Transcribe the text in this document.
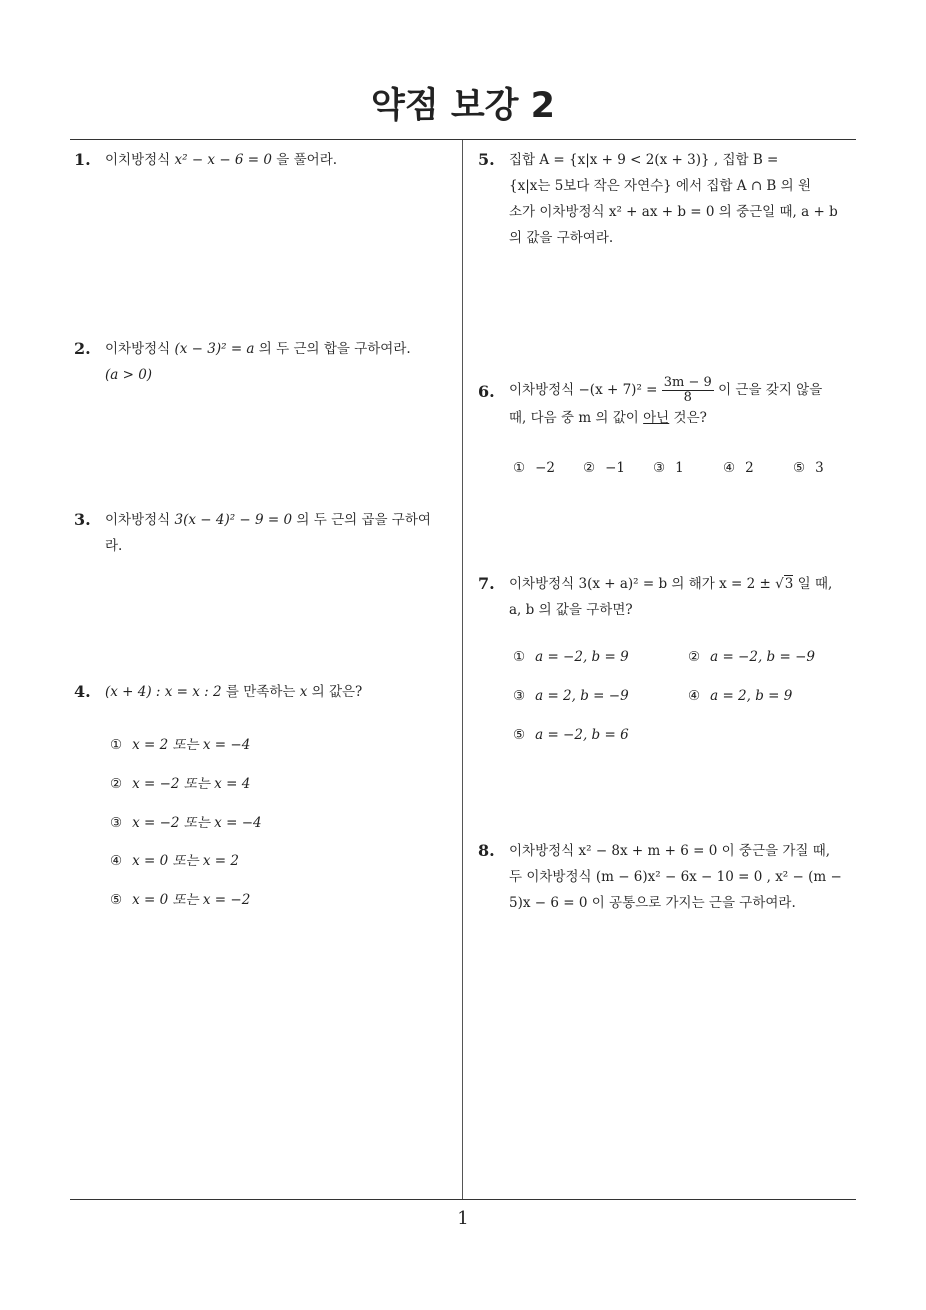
약점 보강 2
1. 이치방정식 x² − x − 6 = 0 을 풀어라.
2. 이차방정식 (x − 3)² = a 의 두 근의 합을 구하여라.
(a > 0)
3. 이차방정식 3(x − 4)² − 9 = 0 의 두 근의 곱을 구하여
라.
4. (x + 4) : x = x : 2 를 만족하는 x 의 값은?
① x = 2 또는 x = −4
② x = −2 또는 x = 4
③ x = −2 또는 x = −4
④ x = 0 또는 x = 2
⑤ x = 0 또는 x = −2
5. 집합 A = {x|x + 9 < 2(x + 3)} , 집합 B =
{x|x는 5보다 작은 자연수} 에서 집합 A ∩ B 의 원
소가 이차방정식 x² + ax + b = 0 의 중근일 때, a + b
의 값을 구하여라.
6. 이차방정식 $-(x + 7)^2 = \frac{3m - 9}{8}$ 이 근을 갖지 않을
때, 다음 중 m 의 값이 아닌 것은?
① −2 ② −1 ③ 1	④ 2	⑤ 3
7. 이차방정식 3(x + a)² = b 의 해가 x = 2 ± √3 일 때,
a, b 의 값을 구하면?
① a = −2, b = 9	② a = −2, b = −9
③ a = 2, b = −9	④ a = 2, b = 9
⑤ a = −2, b = 6
8. 이차방정식 x² − 8x + m + 6 = 0 이 중근을 가질 때,
두 이차방정식 (m − 6)x² − 6x − 10 = 0 , x² − (m −
5)x − 6 = 0 이 공통으로 가지는 근을 구하여라.
1
